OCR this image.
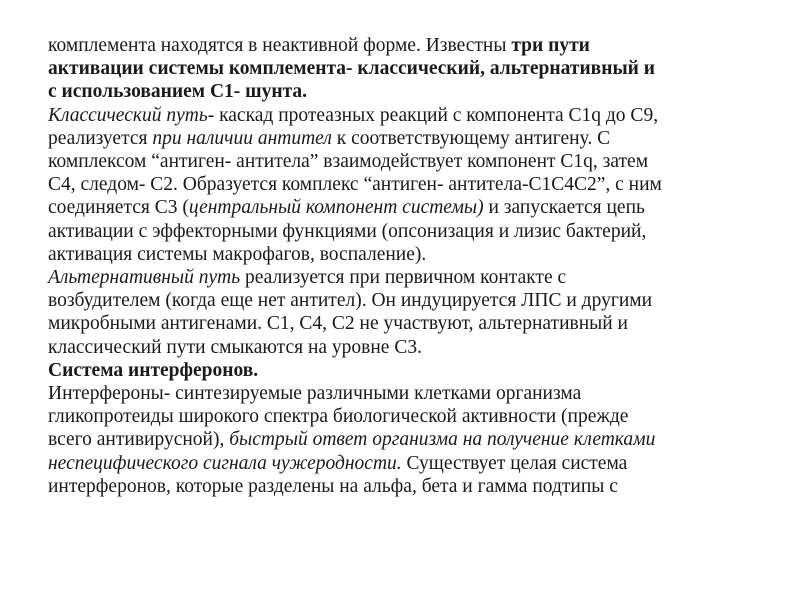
комплемента находятся в неактивной форме. Известны три пути
активации системы комплемента- классический, альтернативный и
с использованием С1- шунта.
Классический путь- каскад протеазных реакций с компонента С1q до С9,
реализуется при наличии антител к соответствующему антигену. С
комплексом “антиген- антитела” взаимодействует компонент С1q, затем
С4, следом- С2. Образуется комплекс “антиген- антитела-С1С4С2”, с ним
соединяется С3 (центральный компонент системы) и запускается цепь
активации с эффекторными функциями (опсонизация и лизис бактерий,
активация системы макрофагов, воспаление).
Альтернативный путь реализуется при первичном контакте с
возбудителем (когда еще нет антител). Он индуцируется ЛПС и другими
микробными антигенами. С1, С4, С2 не участвуют, альтернативный и
классический пути смыкаются на уровне С3.
Система интерферонов.
Интерфероны- синтезируемые различными клетками организма
гликопротеиды широкого спектра биологической активности (прежде
всего антивирусной), быстрый ответ организма на получение клетками
неспецифического сигнала чужеродности. Существует целая система
интерферонов, которые разделены на альфа, бета и гамма подтипы с
